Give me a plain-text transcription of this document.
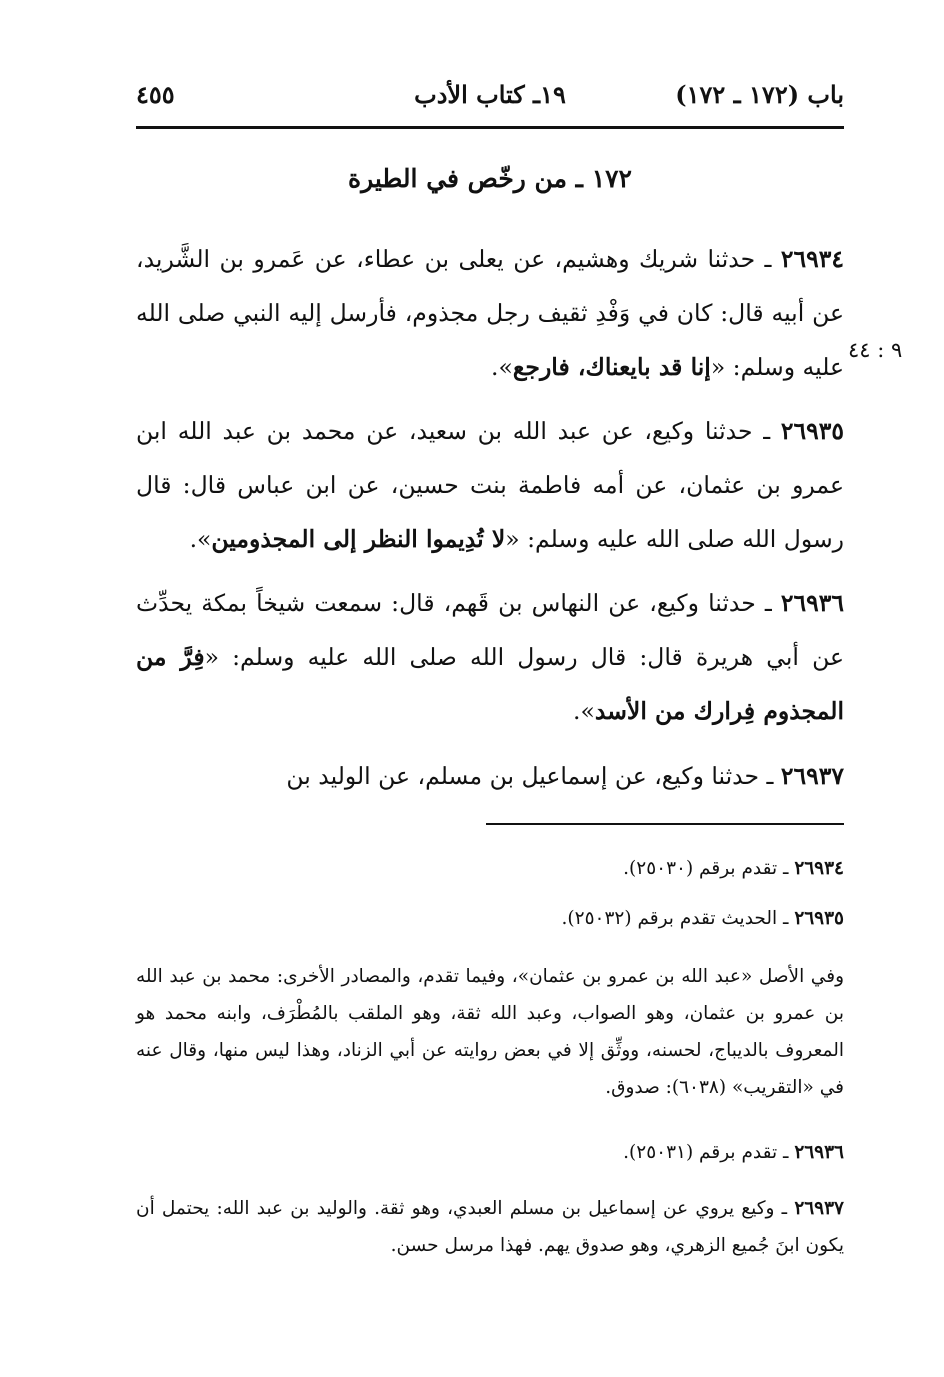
باب (١٧٢ ـ ١٧٢)
١٩ـ كتاب الأدب
٤٥٥
١٧٢ ـ من رخّص في الطيرة
٩ : ٤٤

٢٦٩٣٤ ـ حدثنا شريك وهشيم، عن يعلى بن عطاء، عن عَمرو بن الشَّريد، عن أبيه قال: كان في وَفْدِ ثقيف رجل مجذوم، فأرسل إليه النبي صلى الله عليه وسلم: «إنا قد بايعناك، فارجع».

٢٦٩٣٥ ـ حدثنا وكيع، عن عبد الله بن سعيد، عن محمد بن عبد الله ابن عمرو بن عثمان، عن أمه فاطمة بنت حسين، عن ابن عباس قال: قال رسول الله صلى الله عليه وسلم: «لا تُدِيموا النظر إلى المجذومين».

٢٦٩٣٦ ـ حدثنا وكيع، عن النهاس بن قَهم، قال: سمعت شيخاً بمكة يحدِّث عن أبي هريرة قال: قال رسول الله صلى الله عليه وسلم: «فِرَّ من المجذوم فِرارك من الأسد».

٢٦٩٣٧ ـ حدثنا وكيع، عن إسماعيل بن مسلم، عن الوليد بن

٢٦٩٣٤ ـ تقدم برقم (٢٥٠٣٠).

٢٦٩٣٥ ـ الحديث تقدم برقم (٢٥٠٣٢).

وفي الأصل «عبد الله بن عمرو بن عثمان»، وفيما تقدم، والمصادر الأخرى: محمد بن عبد الله بن عمرو بن عثمان، وهو الصواب، وعبد الله ثقة، وهو الملقب بالمُطْرَف، وابنه محمد هو المعروف بالديباج، لحسنه، ووثِّق إلا في بعض روايته عن أبي الزناد، وهذا ليس منها، وقال عنه في «التقريب» (٦٠٣٨): صدوق.

٢٦٩٣٦ ـ تقدم برقم (٢٥٠٣١).

٢٦٩٣٧ ـ وكيع يروي عن إسماعيل بن مسلم العبدي، وهو ثقة. والوليد بن عبد الله: يحتمل أن يكون ابنَ جُميع الزهري، وهو صدوق يهم. فهذا مرسل حسن.
